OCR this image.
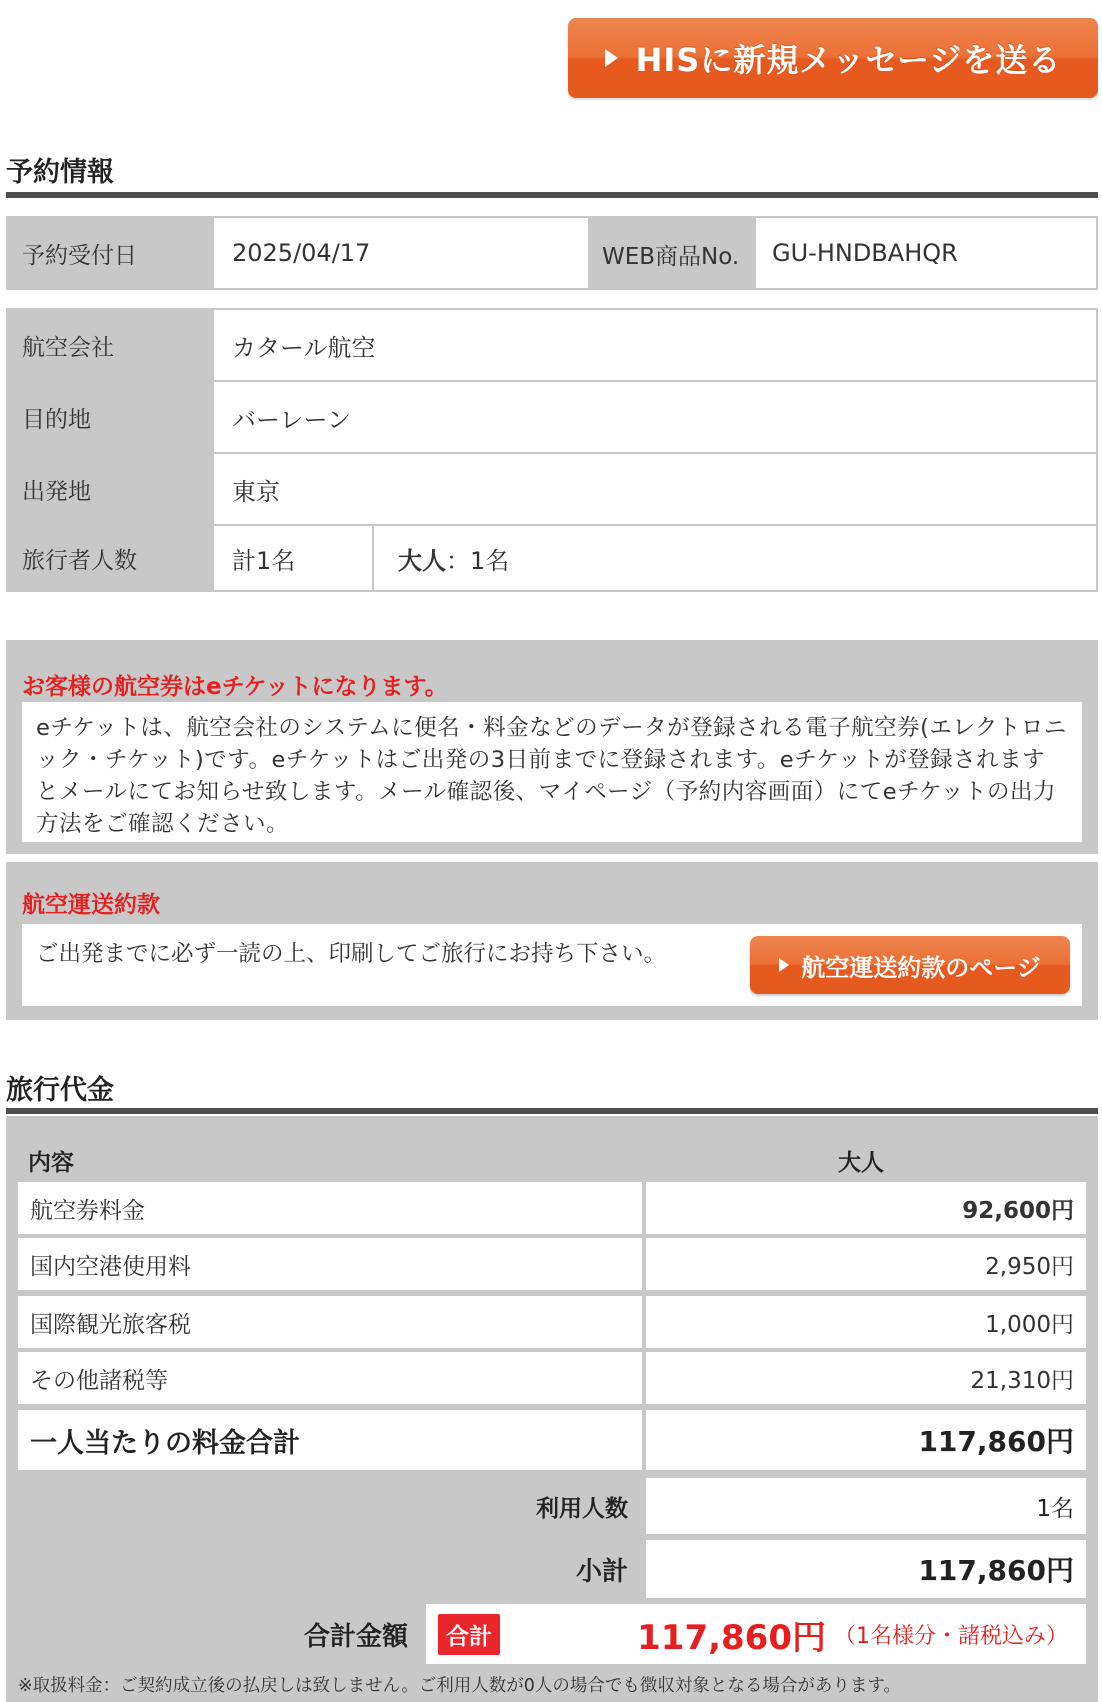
HISに新規メッセージを送る
予約情報
予約受付日	2025/04/17	WEB商品No.	GU-HNDBAHQR
航空会社	カタール航空
目的地	バーレーン
出発地	東京
旅行者人数	計1名	大人 ：1名
お客様の航空券はeチケットになります。
eチケットは、航空会社のシステムに便名・料金などのデータが登録される電子航空券(エレクトロニック・チケット)です。eチケットはご出発の3日前までに登録されます。eチケットが登録されますとメールにてお知らせ致します。メール確認後、マイページ（予約内容画面）にてeチケットの出力方法をご確認ください。
航空運送約款
ご出発までに必ず一読の上、印刷してご旅行にお持ち下さい。	航空運送約款のページ
旅行代金
内容	大人
航空券料金	92,600円
国内空港使用料	2,950円
国際観光旅客税	1,000円
その他諸税等	21,310円
一人当たりの料金合計	117,860円
利用人数	1名
小計	117,860円
合計金額	合計	117,860円 （1名様分・諸税込み）
※取扱料金：ご契約成立後の払戻しは致しません。ご利用人数が0人の場合でも徴収対象となる場合があります。
